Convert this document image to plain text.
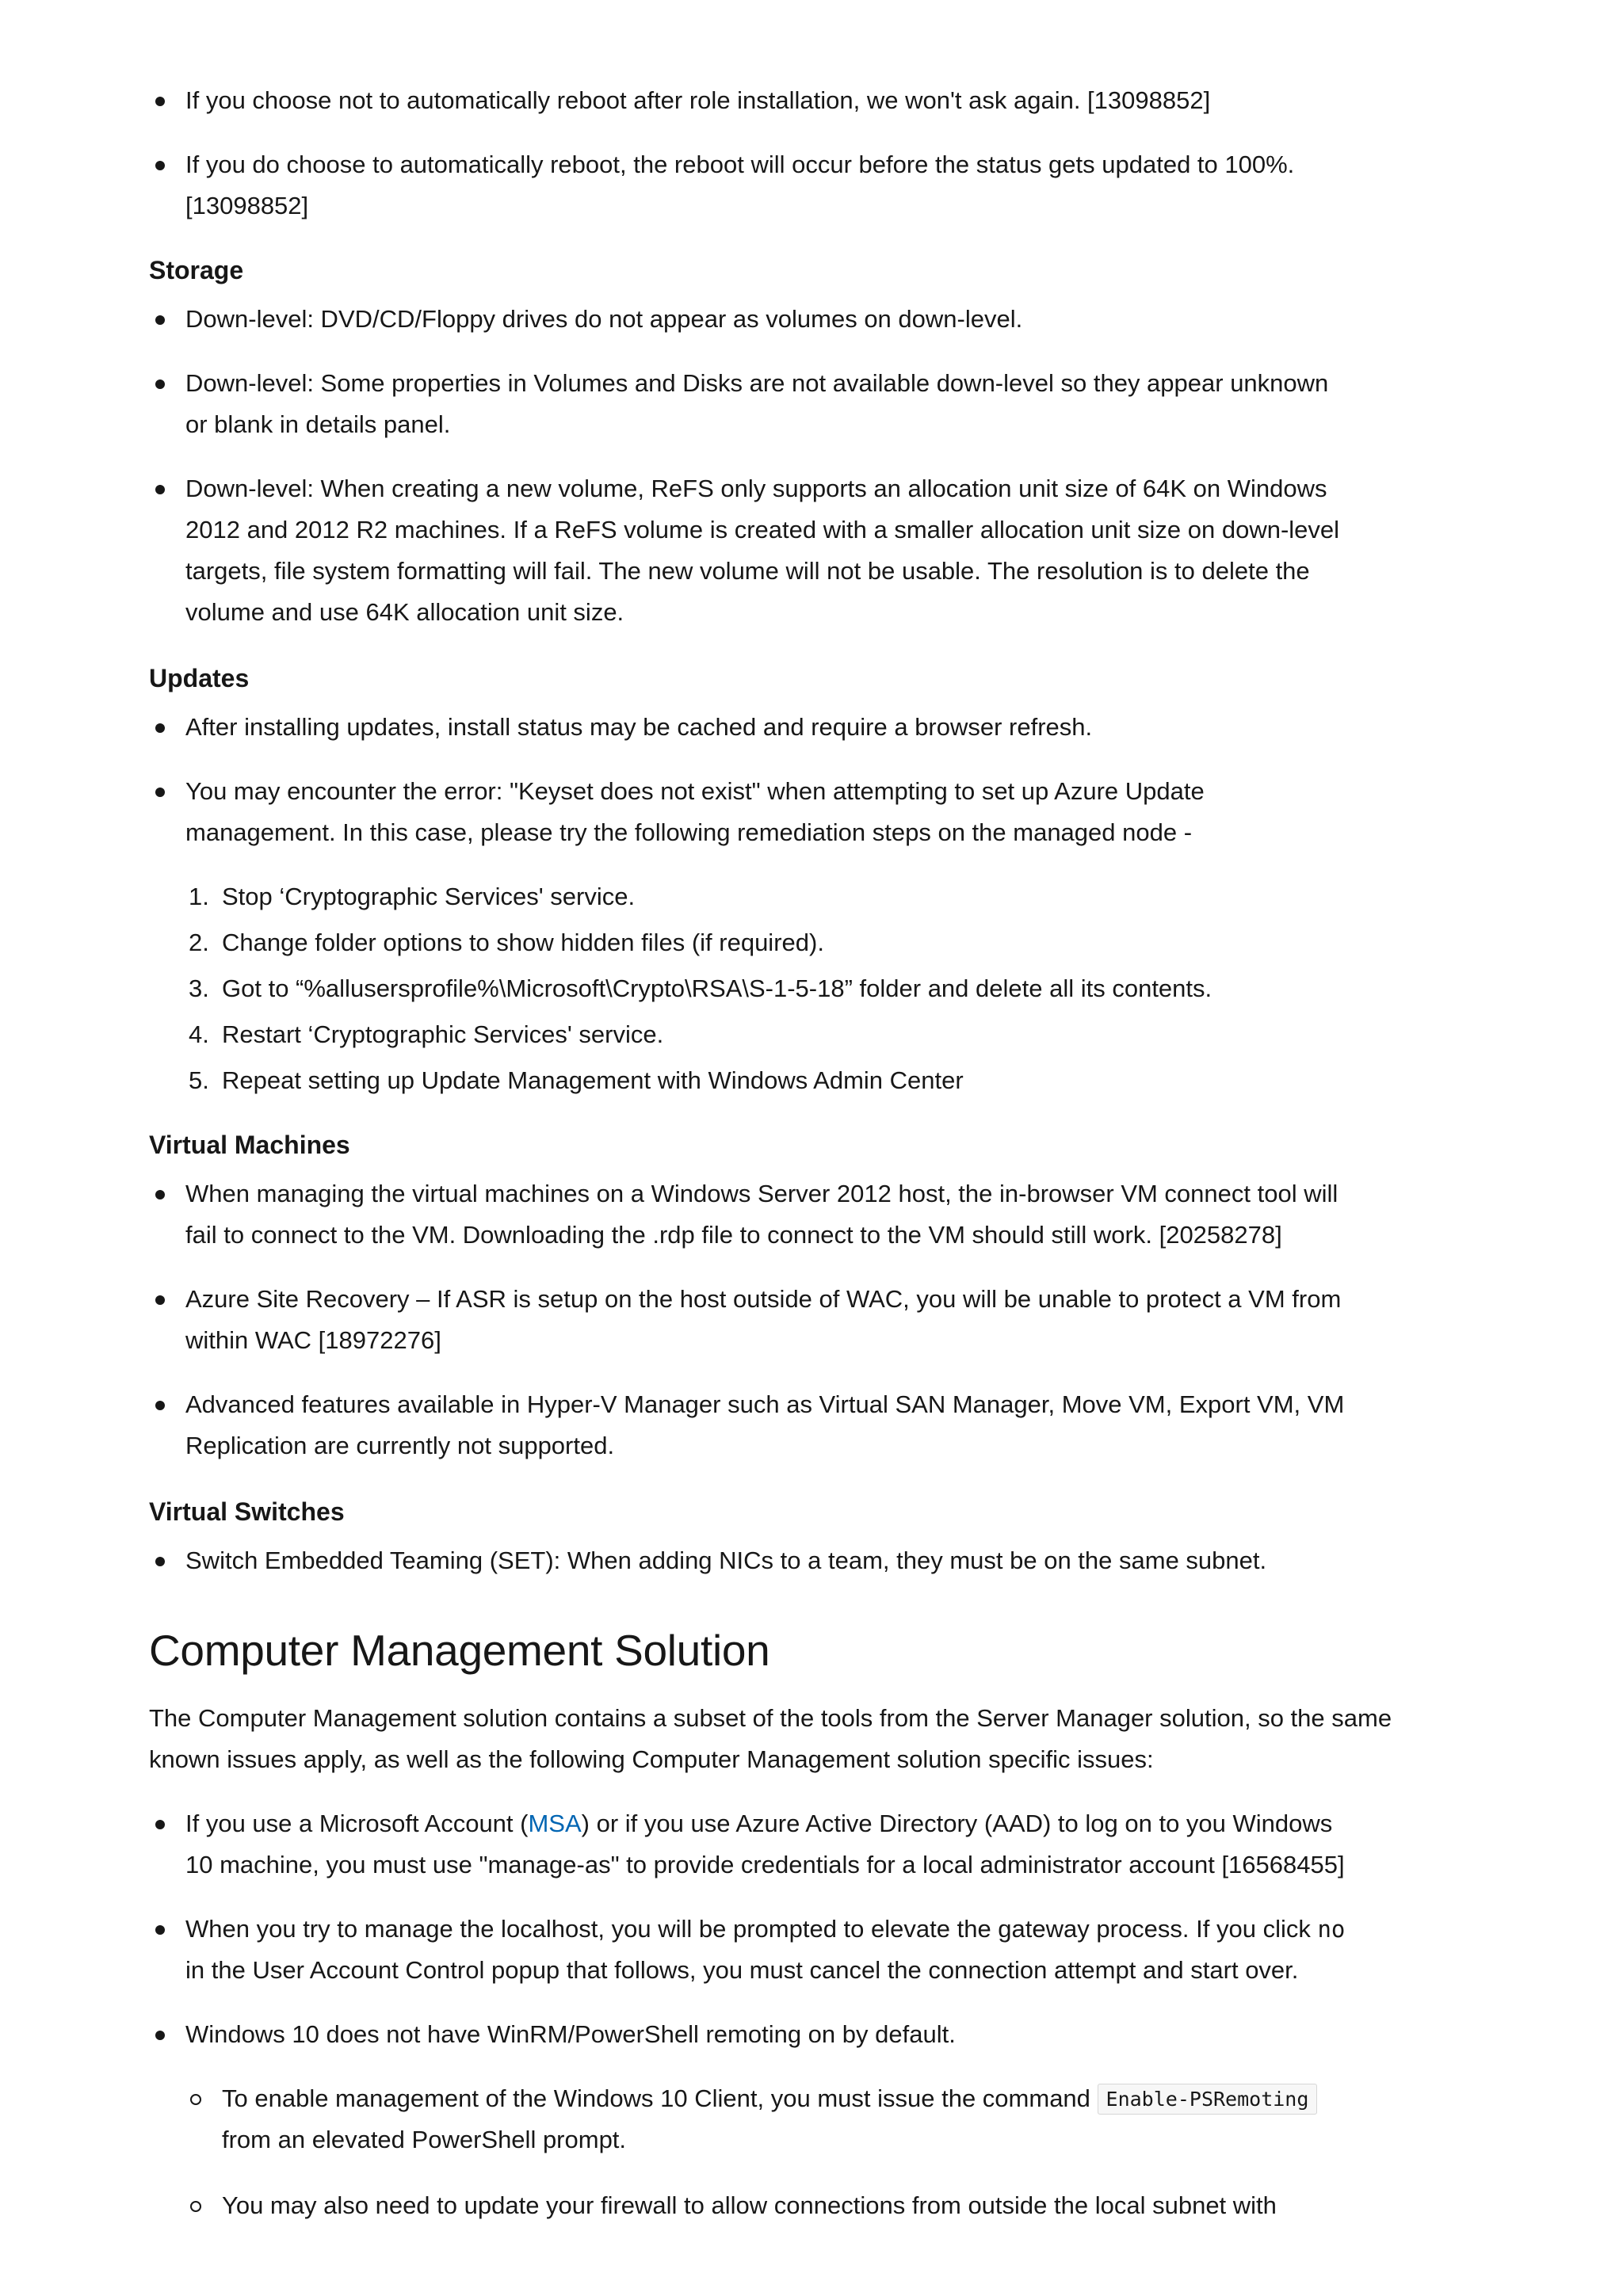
If you choose not to automatically reboot after role installation, we won't ask again. [13098852]
If you do choose to automatically reboot, the reboot will occur before the status gets updated to 100%.
[13098852]
Storage
Down-level: DVD/CD/Floppy drives do not appear as volumes on down-level.
Down-level: Some properties in Volumes and Disks are not available down-level so they appear unknown
or blank in details panel.
Down-level: When creating a new volume, ReFS only supports an allocation unit size of 64K on Windows
2012 and 2012 R2 machines. If a ReFS volume is created with a smaller allocation unit size on down-level
targets, file system formatting will fail. The new volume will not be usable. The resolution is to delete the
volume and use 64K allocation unit size.
Updates
After installing updates, install status may be cached and require a browser refresh.
You may encounter the error: "Keyset does not exist" when attempting to set up Azure Update
management. In this case, please try the following remediation steps on the managed node -
1. Stop ‘Cryptographic Services' service.
2. Change folder options to show hidden files (if required).
3. Got to “%allusersprofile%\Microsoft\Crypto\RSA\S-1-5-18” folder and delete all its contents.
4. Restart ‘Cryptographic Services' service.
5. Repeat setting up Update Management with Windows Admin Center
Virtual Machines
When managing the virtual machines on a Windows Server 2012 host, the in-browser VM connect tool will
fail to connect to the VM. Downloading the .rdp file to connect to the VM should still work. [20258278]
Azure Site Recovery – If ASR is setup on the host outside of WAC, you will be unable to protect a VM from
within WAC [18972276]
Advanced features available in Hyper-V Manager such as Virtual SAN Manager, Move VM, Export VM, VM
Replication are currently not supported.
Virtual Switches
Switch Embedded Teaming (SET): When adding NICs to a team, they must be on the same subnet.
Computer Management Solution
The Computer Management solution contains a subset of the tools from the Server Manager solution, so the same
known issues apply, as well as the following Computer Management solution specific issues:
If you use a Microsoft Account (MSA) or if you use Azure Active Directory (AAD) to log on to you Windows
10 machine, you must use "manage-as" to provide credentials for a local administrator account [16568455]
When you try to manage the localhost, you will be prompted to elevate the gateway process. If you click no
in the User Account Control popup that follows, you must cancel the connection attempt and start over.
Windows 10 does not have WinRM/PowerShell remoting on by default.
To enable management of the Windows 10 Client, you must issue the command Enable-PSRemoting
from an elevated PowerShell prompt.
You may also need to update your firewall to allow connections from outside the local subnet with
